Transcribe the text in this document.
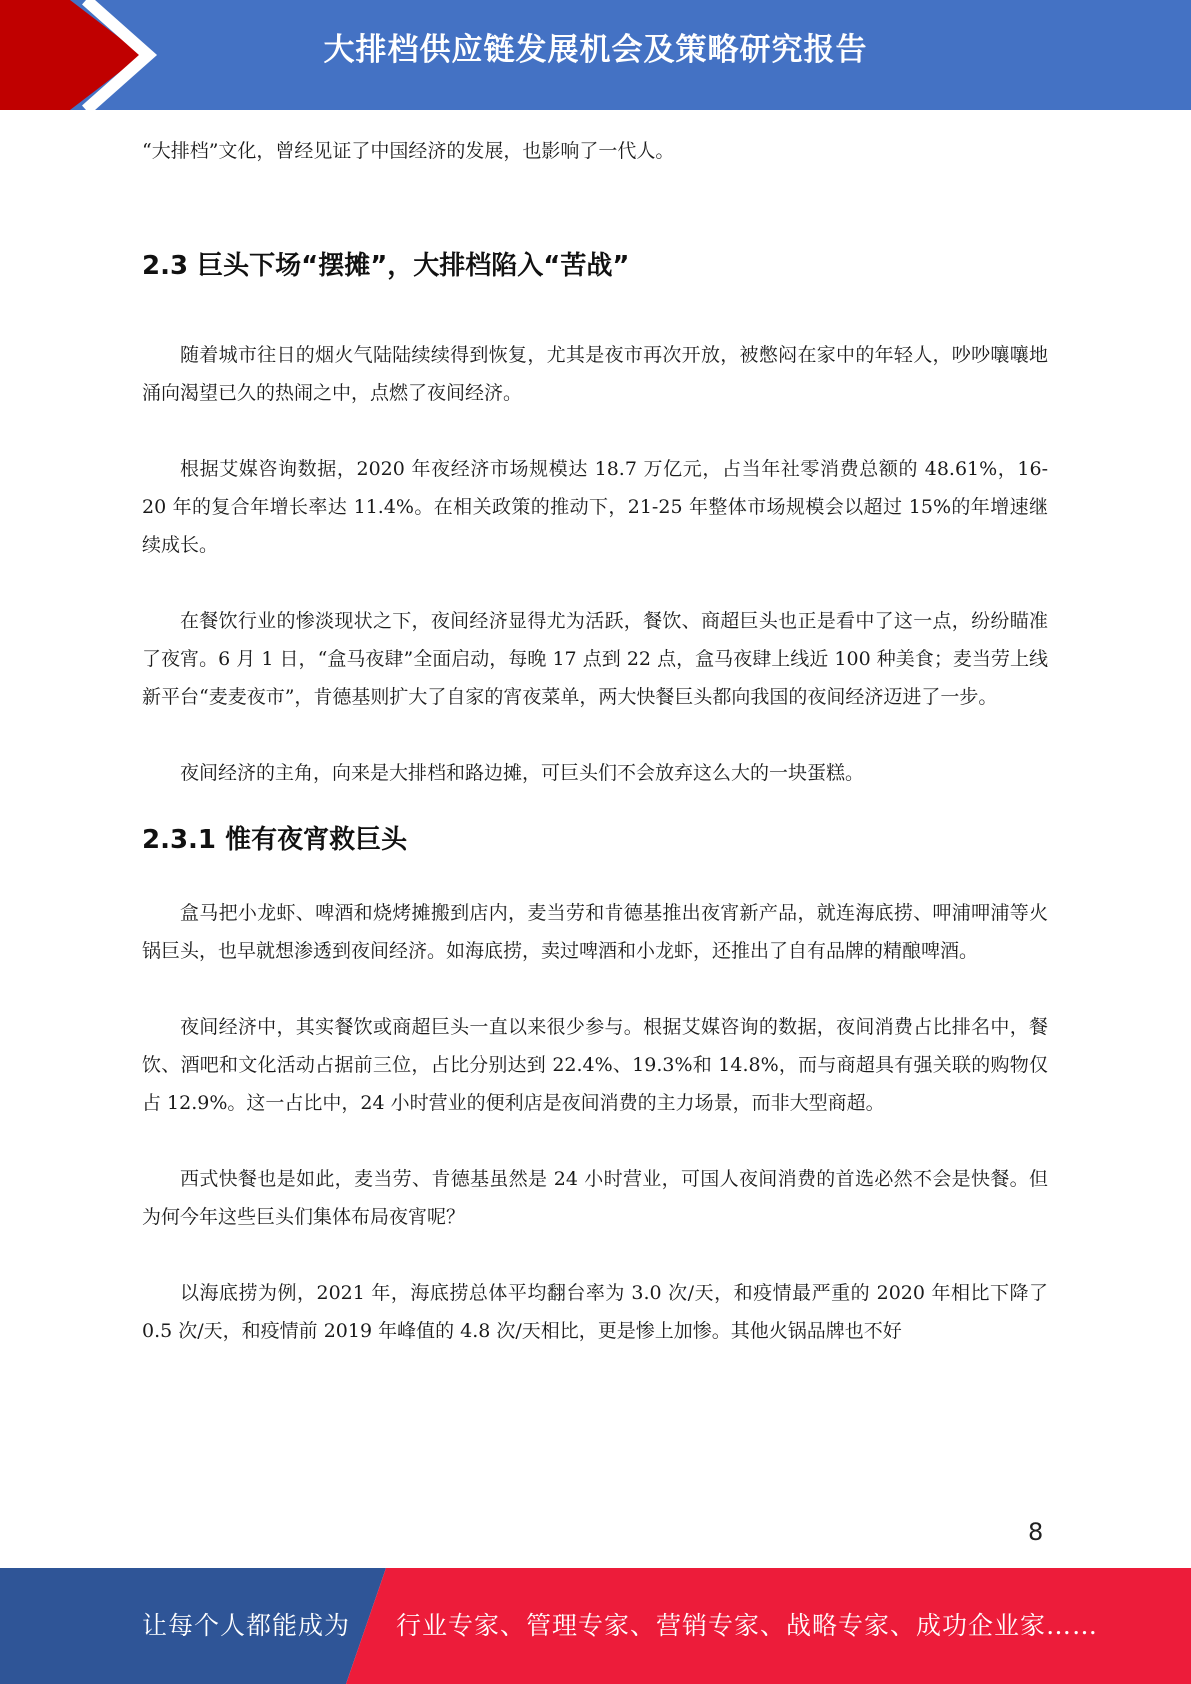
大排档供应链发展机会及策略研究报告

“大排档”文化，曾经见证了中国经济的发展，也影响了一代人。

2.3 巨头下场“摆摊”，大排档陷入“苦战”

随着城市往日的烟火气陆陆续续得到恢复，尤其是夜市再次开放，被憋闷在家中的年轻人，吵吵嚷嚷地涌向渴望已久的热闹之中，点燃了夜间经济。

根据艾媒咨询数据，2020 年夜经济市场规模达 18.7 万亿元，占当年社零消费总额的 48.61%，16-20 年的复合年增长率达 11.4%。在相关政策的推动下，21-25 年整体市场规模会以超过 15%的年增速继续成长。

在餐饮行业的惨淡现状之下，夜间经济显得尤为活跃，餐饮、商超巨头也正是看中了这一点，纷纷瞄准了夜宵。6 月 1 日，“盒马夜肆”全面启动，每晚 17 点到 22 点，盒马夜肆上线近 100 种美食；麦当劳上线新平台“麦麦夜市”，肯德基则扩大了自家的宵夜菜单，两大快餐巨头都向我国的夜间经济迈进了一步。

夜间经济的主角，向来是大排档和路边摊，可巨头们不会放弃这么大的一块蛋糕。

2.3.1 惟有夜宵救巨头

盒马把小龙虾、啤酒和烧烤摊搬到店内，麦当劳和肯德基推出夜宵新产品，就连海底捞、呷浦呷浦等火锅巨头，也早就想渗透到夜间经济。如海底捞，卖过啤酒和小龙虾，还推出了自有品牌的精酿啤酒。

夜间经济中，其实餐饮或商超巨头一直以来很少参与。根据艾媒咨询的数据，夜间消费占比排名中，餐饮、酒吧和文化活动占据前三位，占比分别达到 22.4%、19.3%和 14.8%，而与商超具有强关联的购物仅占 12.9%。这一占比中，24 小时营业的便利店是夜间消费的主力场景，而非大型商超。

西式快餐也是如此，麦当劳、肯德基虽然是 24 小时营业，可国人夜间消费的首选必然不会是快餐。但为何今年这些巨头们集体布局夜宵呢？

以海底捞为例，2021 年，海底捞总体平均翻台率为 3.0 次/天，和疫情最严重的 2020 年相比下降了 0.5 次/天，和疫情前 2019 年峰值的 4.8 次/天相比，更是惨上加惨。其他火锅品牌也不好

8
让每个人都能成为 行业专家、管理专家、营销专家、战略专家、成功企业家……
